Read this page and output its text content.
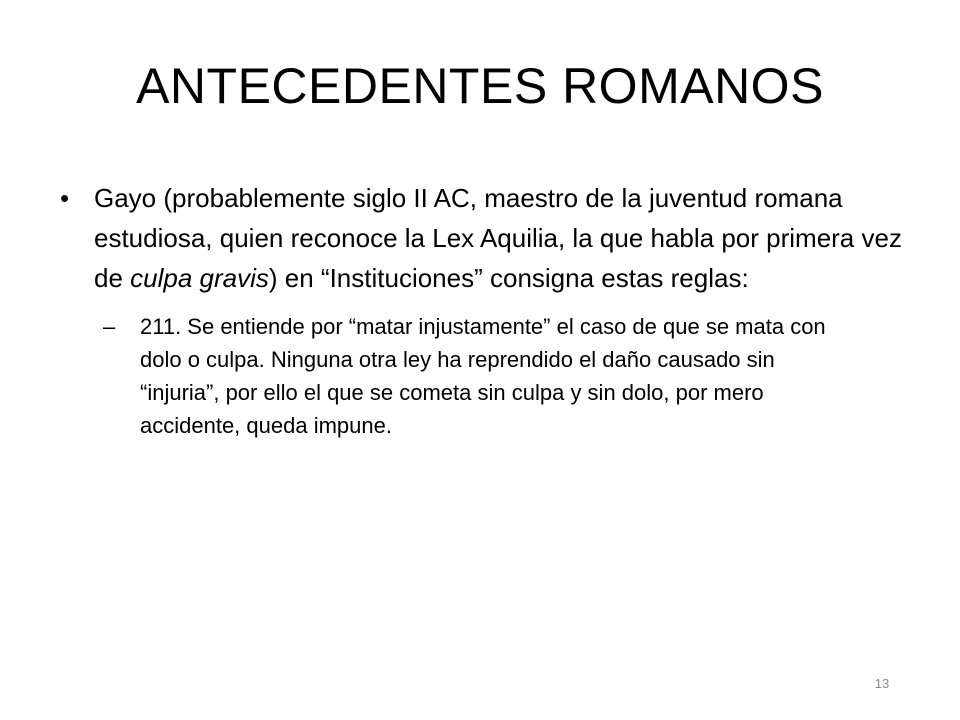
ANTECEDENTES ROMANOS
• Gayo (probablemente siglo II AC, maestro de la juventud romana estudiosa, quien reconoce la Lex Aquilia, la que habla por primera vez de culpa gravis) en “Instituciones” consigna estas reglas:
– 211. Se entiende por “matar injustamente” el caso de que se mata con dolo o culpa. Ninguna otra ley ha reprendido el daño causado sin “injuria”, por ello el que se cometa sin culpa y sin dolo, por mero accidente, queda impune.
13
